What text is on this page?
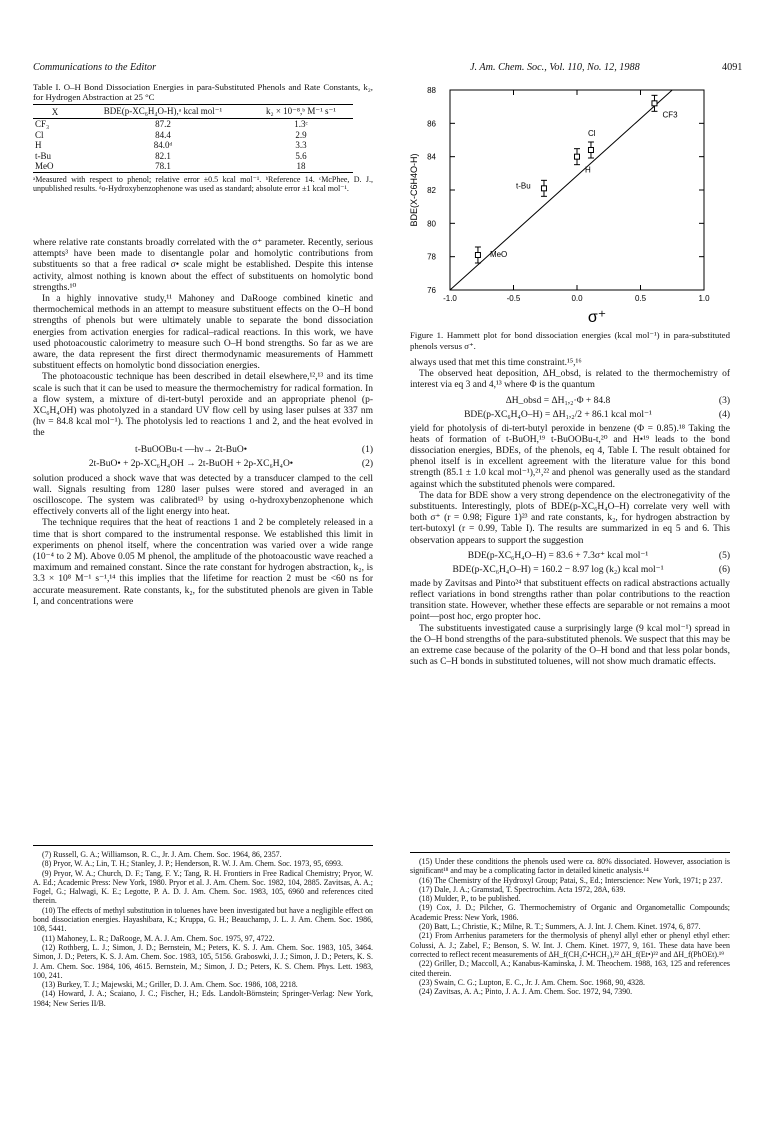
Communications to the Editor	J. Am. Chem. Soc., Vol. 110, No. 12, 1988	4091
Table I. O–H Bond Dissociation Energies in para-Substituted Phenols and Rate Constants, k₂, for Hydrogen Abstraction at 25 °C
X	BDE(p-XC₆H₄O-H),ᵃ kcal mol⁻¹	k₂ × 10⁻⁸,ᵇ M⁻¹ s⁻¹
CF₃	87.2	1.3ᶜ
Cl	84.4	2.9
H	84.0ᵈ	3.3
t-Bu	82.1	5.6
MeO	78.1	18
ᵃMeasured with respect to phenol; relative error ±0.5 kcal mol⁻¹. ᵇReference 14. ᶜMcPhee, D. J., unpublished results. ᵈo-Hydroxybenzophenone was used as standard; absolute error ±1 kcal mol⁻¹.

where relative rate constants broadly correlated with the σ⁺ parameter. Recently, serious attempts³ have been made to disentangle polar and homolytic contributions from substituents so that a free radical σ• scale might be established. Despite this intense activity, almost nothing is known about the effect of substituents on homolytic bond strengths.¹⁰

In a highly innovative study,¹¹ Mahoney and DaRooge combined kinetic and thermochemical methods in an attempt to measure substituent effects on the O–H bond strengths of phenols but were ultimately unable to separate the bond dissociation energies from activation energies for radical–radical reactions. In this work, we have used photoacoustic calorimetry to measure such O–H bond strengths. So far as we are aware, the data represent the first direct thermodynamic measurements of Hammett substituent effects on homolytic bond dissociation energies.

The photoacoustic technique has been described in detail elsewhere,¹²,¹³ and its time scale is such that it can be used to measure the thermochemistry for radical formation. In a flow system, a mixture of di-tert-butyl peroxide and an appropriate phenol (p-XC₆H₄OH) was photolyzed in a standard UV flow cell by using laser pulses at 337 nm (hν = 84.8 kcal mol⁻¹). The photolysis led to reactions 1 and 2, and the heat evolved in the

t-BuOOBu-t —hν→ 2t-BuO•	(1)
2t-BuO• + 2p-XC₆H₄OH → 2t-BuOH + 2p-XC₆H₄O•	(2)

solution produced a shock wave that was detected by a transducer clamped to the cell wall. Signals resulting from 1280 laser pulses were stored and averaged in an oscilloscope. The system was calibrated¹³ by using o-hydroxybenzophenone which effectively converts all of the light energy into heat.

The technique requires that the heat of reactions 1 and 2 be completely released in a time that is short compared to the instrumental response. We established this limit in experiments on phenol itself, where the concentration was varied over a wide range (10⁻⁴ to 2 M). Above 0.05 M phenol, the amplitude of the photoacoustic wave reached a maximum and remained constant. Since the rate constant for hydrogen abstraction, k₂, is 3.3 × 10⁸ M⁻¹ s⁻¹,¹⁴ this implies that the lifetime for reaction 2 must be <60 ns for accurate measurement. Rate constants, k₂, for the substituted phenols are given in Table I, and concentrations were

(7) Russell, G. A.; Williamson, R. C., Jr. J. Am. Chem. Soc. 1964, 86, 2357.
(8) Pryor, W. A.; Lin, T. H.; Stanley, J. P.; Henderson, R. W. J. Am. Chem. Soc. 1973, 95, 6993.
(9) Pryor, W. A.; Church, D. F.; Tang, F. Y.; Tang, R. H. Frontiers in Free Radical Chemistry; Pryor, W. A. Ed.; Academic Press: New York, 1980. Pryor et al. J. Am. Chem. Soc. 1982, 104, 2885. Zavitsas, A. A.; Fogel, G.; Halwagi, K. E.; Legotte, P. A. D. J. Am. Chem. Soc. 1983, 105, 6960 and references cited therein.
(10) The effects of methyl substitution in toluenes have been investigated but have a negligible effect on bond dissociation energies. Hayashibara, K.; Kruppa, G. H.; Beauchamp, J. L. J. Am. Chem. Soc. 1986, 108, 5441.
(11) Mahoney, L. R.; DaRooge, M. A. J. Am. Chem. Soc. 1975, 97, 4722.
(12) Rothberg, L. J.; Simon, J. D.; Bernstein, M.; Peters, K. S. J. Am. Chem. Soc. 1983, 105, 3464. Simon, J. D.; Peters, K. S. J. Am. Chem. Soc. 1983, 105, 5156. Graboswki, J. J.; Simon, J. D.; Peters, K. S. J. Am. Chem. Soc. 1984, 106, 4615. Bernstein, M.; Simon, J. D.; Peters, K. S. Chem. Phys. Lett. 1983, 100, 241.
(13) Burkey, T. J.; Majewski, M.; Griller, D. J. Am. Chem. Soc. 1986, 108, 2218.
(14) Howard, J. A.; Scaiano, J. C.; Fischer, H.; Eds. Landolt-Börnstein; Springer-Verlag: New York, 1984; New Series II/B.
76
78
80
82
84
86
88
-1.0	-0.5	0.0	0.5	1.0
BDE(X-C6H4O-H)
σ⁺
MeO
t-Bu
H
Cl
CF3
Figure 1. Hammett plot for bond dissociation energies (kcal mol⁻¹) in para-substituted phenols versus σ⁺.

always used that met this time constraint.¹⁵,¹⁶

The observed heat deposition, ΔH_obsd, is related to the thermochemistry of interest via eq 3 and 4,¹³ where Φ is the quantum

ΔH_obsd = ΔH₁,₂·Φ + 84.8	(3)
BDE(p-XC₆H₄O–H) = ΔH₁,₂/2 + 86.1 kcal mol⁻¹	(4)

yield for photolysis of di-tert-butyl peroxide in benzene (Φ = 0.85).¹⁸ Taking the heats of formation of t-BuOH,¹⁹ t-BuOOBu-t,²⁰ and H•¹⁹ leads to the bond dissociation energies, BDEs, of the phenols, eq 4, Table I. The result obtained for phenol itself is in excellent agreement with the literature value for this bond strength (85.1 ± 1.0 kcal mol⁻¹),²¹,²² and phenol was generally used as the standard against which the substituted phenols were compared.

The data for BDE show a very strong dependence on the electronegativity of the substituents. Interestingly, plots of BDE(p-XC₆H₄O–H) correlate very well with both σ⁺ (r = 0.98; Figure 1)²³ and rate constants, k₂, for hydrogen abstraction by tert-butoxyl (r = 0.99, Table I). The results are summarized in eq 5 and 6. This observation appears to support the suggestion

BDE(p-XC₆H₄O–H) = 83.6 + 7.3σ⁺ kcal mol⁻¹	(5)
BDE(p-XC₆H₄O–H) = 160.2 − 8.97 log (k₂) kcal mol⁻¹	(6)

made by Zavitsas and Pinto²⁴ that substituent effects on radical abstractions actually reflect variations in bond strengths rather than polar contributions to the reaction transition state. However, whether these effects are separable or not remains a moot point—post hoc, ergo propter hoc.

The substituents investigated cause a surprisingly large (9 kcal mol⁻¹) spread in the O–H bond strengths of the para-substituted phenols. We suspect that this may be an extreme case because of the polarity of the O–H bond and that less polar bonds, such as C–H bonds in substituted toluenes, will not show much dramatic effects.

(15) Under these conditions the phenols used were ca. 80% dissociated. However, association is significant¹⁸ and may be a complicating factor in detailed kinetic analysis.¹⁴
(16) The Chemistry of the Hydroxyl Group; Patai, S., Ed.; Interscience: New York, 1971; p 237.
(17) Dale, J. A.; Gramstad, T. Spectrochim. Acta 1972, 28A, 639.
(18) Mulder, P., to be published.
(19) Cox, J. D.; Pilcher, G. Thermochemistry of Organic and Organometallic Compounds; Academic Press: New York, 1986.
(20) Batt, L.; Christie, K.; Milne, R. T.; Summers, A. J. Int. J. Chem. Kinet. 1974, 6, 877.
(21) From Arrhenius parameters for the thermolysis of phenyl allyl ether or phenyl ethyl ether: Colussi, A. J.; Zabel, F.; Benson, S. W. Int. J. Chem. Kinet. 1977, 9, 161. These data have been corrected to reflect recent measurements of ΔH_f(CH₂C•HCH₂),²² ΔH_f(Et•)²² and ΔH_f(PhOEt).¹⁹
(22) Griller, D.; Maccoll, A.; Kanabus-Kaminska, J. M. Theochem. 1988, 163, 125 and references cited therein.
(23) Swain, C. G.; Lupton, E. C., Jr. J. Am. Chem. Soc. 1968, 90, 4328.
(24) Zavitsas, A. A.; Pinto, J. A. J. Am. Chem. Soc. 1972, 94, 7390.
